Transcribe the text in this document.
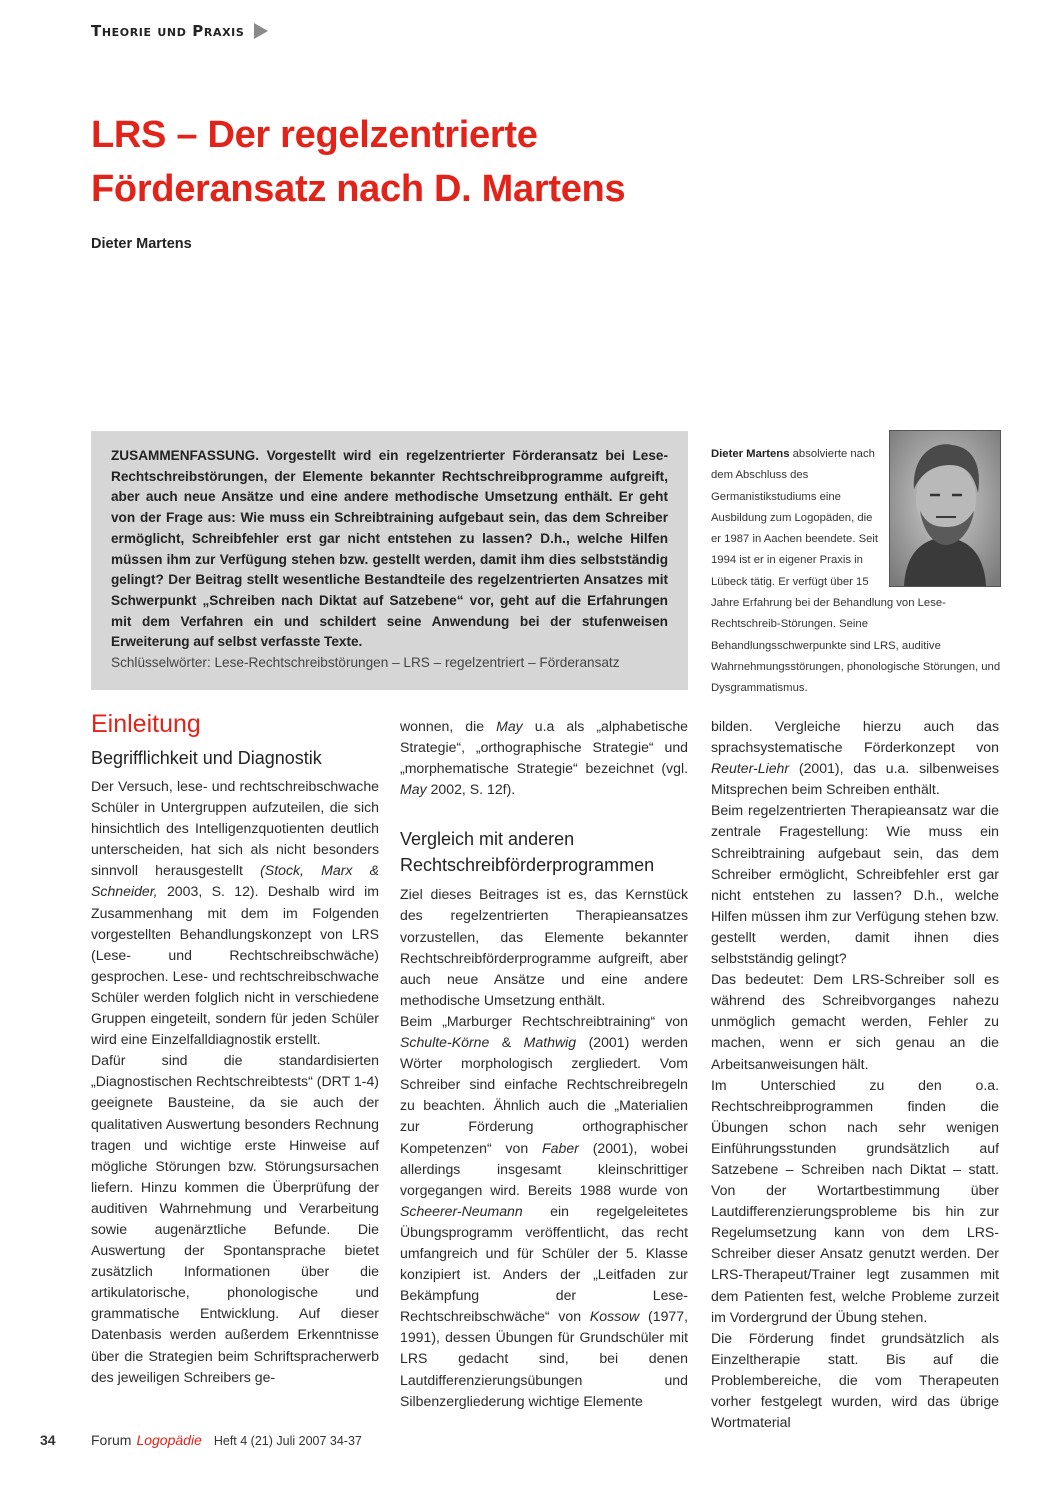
Theorie und Praxis
LRS – Der regelzentrierte
Förderansatz nach D. Martens
Dieter Martens

ZUSAMMENFASSUNG. Vorgestellt wird ein regelzentrierter Förderansatz bei Lese-Rechtschreibstörungen, der Elemente bekannter Rechtschreibprogramme aufgreift, aber auch neue Ansätze und eine andere methodische Umsetzung enthält. Er geht von der Frage aus: Wie muss ein Schreibtraining aufgebaut sein, das dem Schreiber ermöglicht, Schreibfehler erst gar nicht entstehen zu lassen? D.h., welche Hilfen müssen ihm zur Verfügung stehen bzw. gestellt werden, damit ihm dies selbstständig gelingt? Der Beitrag stellt wesentliche Bestandteile des regelzentrierten Ansatzes mit Schwerpunkt „Schreiben nach Diktat auf Satzebene“ vor, geht auf die Erfahrungen mit dem Verfahren ein und schildert seine Anwendung bei der stufenweisen Erweiterung auf selbst verfasste Texte.

Schlüsselwörter: Lese-Rechtschreibstörungen – LRS – regelzentriert – Förderansatz
Dieter Martens absolvierte nach dem Abschluss des Germanistikstudiums eine Ausbildung zum Logopäden, die er 1987 in Aachen beendete. Seit 1994 ist er in eigener Praxis in Lübeck tätig. Er verfügt über 15 Jahre Erfahrung bei der Behandlung von Lese-Rechtschreib-Störungen. Seine Behandlungsschwerpunkte sind LRS, auditive Wahrnehmungsstörungen, phonologische Störungen, und Dysgrammatismus.
Einleitung
Begrifflichkeit und Diagnostik

Der Versuch, lese- und rechtschreibschwache Schüler in Untergruppen aufzuteilen, die sich hinsichtlich des Intelligenzquotienten deutlich unterscheiden, hat sich als nicht besonders sinnvoll herausgestellt (Stock, Marx & Schneider, 2003, S. 12). Deshalb wird im Zusammenhang mit dem im Folgenden vorgestellten Behandlungskonzept von LRS (Lese- und Rechtschreibschwäche) gesprochen. Lese- und rechtschreibschwache Schüler werden folglich nicht in verschiedene Gruppen eingeteilt, sondern für jeden Schüler wird eine Einzelfalldiagnostik erstellt.

Dafür sind die standardisierten „Diagnostischen Rechtschreibtests“ (DRT 1-4) geeignete Bausteine, da sie auch der qualitativen Auswertung besonders Rechnung tragen und wichtige erste Hinweise auf mögliche Störungen bzw. Störungsursachen liefern. Hinzu kommen die Überprüfung der auditiven Wahrnehmung und Verarbeitung sowie augenärztliche Befunde. Die Auswertung der Spontansprache bietet zusätzlich Informationen über die artikulatorische, phonologische und grammatische Entwicklung. Auf dieser Datenbasis werden außerdem Erkenntnisse über die Strategien beim Schriftspracherwerb des jeweiligen Schreibers ge-

wonnen, die May u.a als „alphabetische Strategie“, „orthographische Strategie“ und „morphematische Strategie“ bezeichnet (vgl. May 2002, S. 12f).

Vergleich mit anderen Rechtschreibförderprogrammen

Ziel dieses Beitrages ist es, das Kernstück des regelzentrierten Therapieansatzes vorzustellen, das Elemente bekannter Rechtschreibförderprogramme aufgreift, aber auch neue Ansätze und eine andere methodische Umsetzung enthält.

Beim „Marburger Rechtschreibtraining“ von Schulte-Körne & Mathwig (2001) werden Wörter morphologisch zergliedert. Vom Schreiber sind einfache Rechtschreibregeln zu beachten. Ähnlich auch die „Materialien zur Förderung orthographischer Kompetenzen“ von Faber (2001), wobei allerdings insgesamt kleinschrittiger vorgegangen wird. Bereits 1988 wurde von Scheerer-Neumann ein regelgeleitetes Übungsprogramm veröffentlicht, das recht umfangreich und für Schüler der 5. Klasse konzipiert ist. Anders der „Leitfaden zur Bekämpfung der Lese-Rechtschreibschwäche“ von Kossow (1977, 1991), dessen Übungen für Grundschüler mit LRS gedacht sind, bei denen Lautdifferenzierungsübungen und Silbenzergliederung wichtige Elemente

bilden. Vergleiche hierzu auch das sprachsystematische Förderkonzept von Reuter-Liehr (2001), das u.a. silbenweises Mitsprechen beim Schreiben enthält.

Beim regelzentrierten Therapieansatz war die zentrale Fragestellung: Wie muss ein Schreibtraining aufgebaut sein, das dem Schreiber ermöglicht, Schreibfehler erst gar nicht entstehen zu lassen? D.h., welche Hilfen müssen ihm zur Verfügung stehen bzw. gestellt werden, damit ihnen dies selbstständig gelingt?

Das bedeutet: Dem LRS-Schreiber soll es während des Schreibvorganges nahezu unmöglich gemacht werden, Fehler zu machen, wenn er sich genau an die Arbeitsanweisungen hält.

Im Unterschied zu den o.a. Rechtschreibprogrammen finden die Übungen schon nach sehr wenigen Einführungsstunden grundsätzlich auf Satzebene – Schreiben nach Diktat – statt. Von der Wortartbestimmung über Lautdifferenzierungsprobleme bis hin zur Regelumsetzung kann von dem LRS-Schreiber dieser Ansatz genutzt werden. Der LRS-Therapeut/Trainer legt zusammen mit dem Patienten fest, welche Probleme zurzeit im Vordergrund der Übung stehen.

Die Förderung findet grundsätzlich als Einzeltherapie statt. Bis auf die Problembereiche, die vom Therapeuten vorher festgelegt wurden, wird das übrige Wortmaterial

34	Forum Logopädie Heft 4 (21) Juli 2007 34-37
